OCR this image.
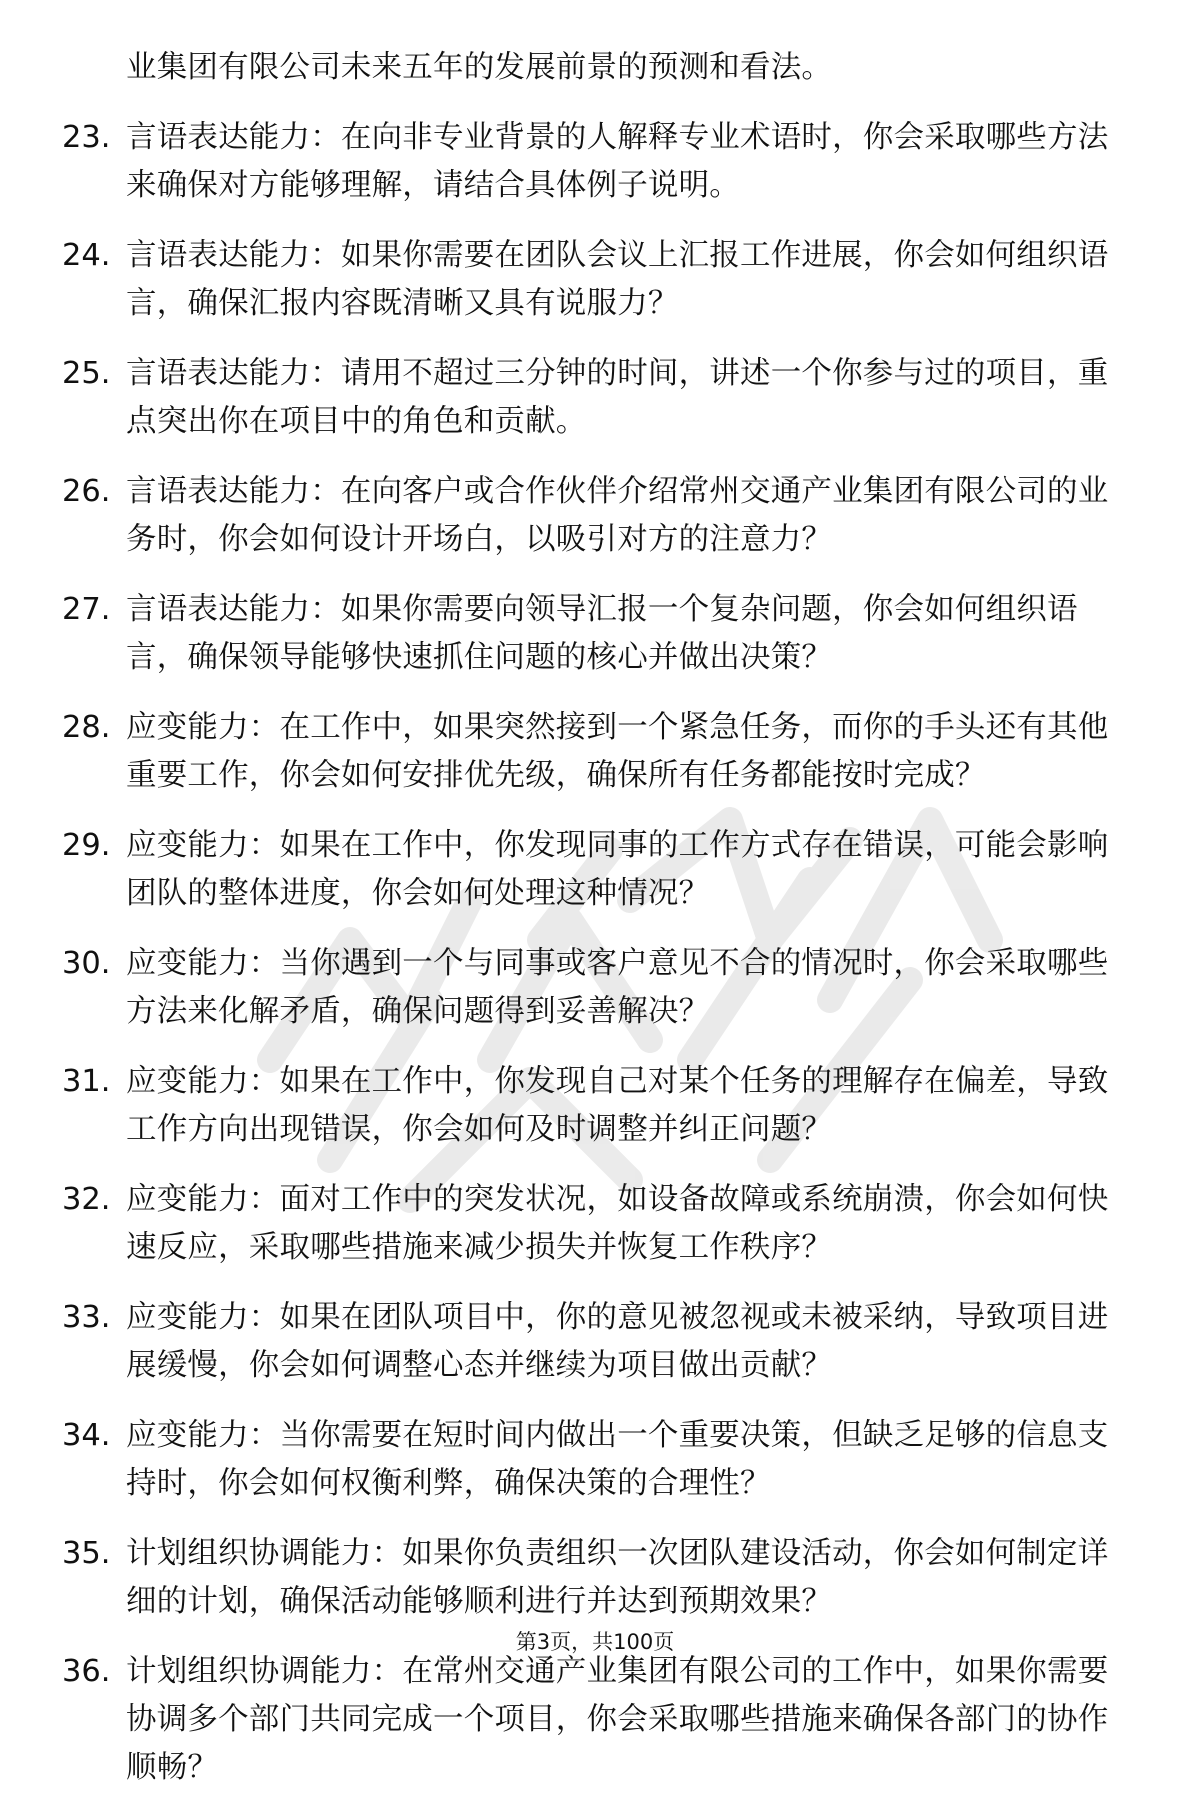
业集团有限公司未来五年的发展前景的预测和看法。
23. 言语表达能力：在向非专业背景的人解释专业术语时，你会采取哪些方法来确保对方能够理解，请结合具体例子说明。
24. 言语表达能力：如果你需要在团队会议上汇报工作进展，你会如何组织语言，确保汇报内容既清晰又具有说服力？
25. 言语表达能力：请用不超过三分钟的时间，讲述一个你参与过的项目，重点突出你在项目中的角色和贡献。
26. 言语表达能力：在向客户或合作伙伴介绍常州交通产业集团有限公司的业务时，你会如何设计开场白，以吸引对方的注意力？
27. 言语表达能力：如果你需要向领导汇报一个复杂问题，你会如何组织语言，确保领导能够快速抓住问题的核心并做出决策？
28. 应变能力：在工作中，如果突然接到一个紧急任务，而你的手头还有其他重要工作，你会如何安排优先级，确保所有任务都能按时完成？
29. 应变能力：如果在工作中，你发现同事的工作方式存在错误，可能会影响团队的整体进度，你会如何处理这种情况？
30. 应变能力：当你遇到一个与同事或客户意见不合的情况时，你会采取哪些方法来化解矛盾，确保问题得到妥善解决？
31. 应变能力：如果在工作中，你发现自己对某个任务的理解存在偏差，导致工作方向出现错误，你会如何及时调整并纠正问题？
32. 应变能力：面对工作中的突发状况，如设备故障或系统崩溃，你会如何快速反应，采取哪些措施来减少损失并恢复工作秩序？
33. 应变能力：如果在团队项目中，你的意见被忽视或未被采纳，导致项目进展缓慢，你会如何调整心态并继续为项目做出贡献？
34. 应变能力：当你需要在短时间内做出一个重要决策，但缺乏足够的信息支持时，你会如何权衡利弊，确保决策的合理性？
35. 计划组织协调能力：如果你负责组织一次团队建设活动，你会如何制定详细的计划，确保活动能够顺利进行并达到预期效果？
36. 计划组织协调能力：在常州交通产业集团有限公司的工作中，如果你需要协调多个部门共同完成一个项目，你会采取哪些措施来确保各部门的协作顺畅？
第3页，共100页
